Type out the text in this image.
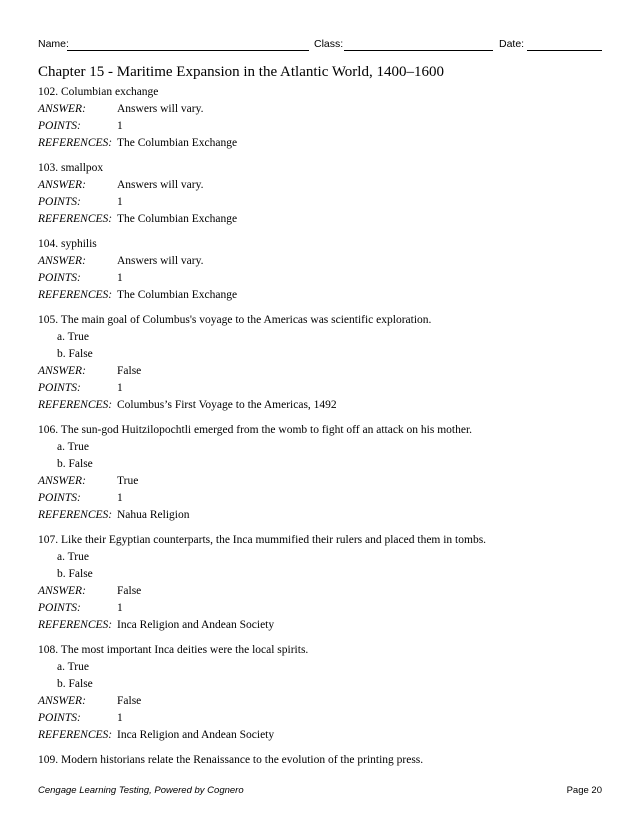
Name:	Class:	Date:
Chapter 15 - Maritime Expansion in the Atlantic World, 1400–1600
102. Columbian exchange
ANSWER:	Answers will vary.
POINTS:	1
REFERENCES: The Columbian Exchange
103. smallpox
ANSWER:	Answers will vary.
POINTS:	1
REFERENCES: The Columbian Exchange
104. syphilis
ANSWER:	Answers will vary.
POINTS:	1
REFERENCES: The Columbian Exchange
105. The main goal of Columbus's voyage to the Americas was scientific exploration.
a. True
b. False
ANSWER:	False
POINTS:	1
REFERENCES: Columbus’s First Voyage to the Americas, 1492
106. The sun-god Huitzilopochtli emerged from the womb to fight off an attack on his mother.
a. True
b. False
ANSWER:	True
POINTS:	1
REFERENCES: Nahua Religion
107. Like their Egyptian counterparts, the Inca mummified their rulers and placed them in tombs.
a. True
b. False
ANSWER:	False
POINTS:	1
REFERENCES: Inca Religion and Andean Society
108. The most important Inca deities were the local spirits.
a. True
b. False
ANSWER:	False
POINTS:	1
REFERENCES: Inca Religion and Andean Society
109. Modern historians relate the Renaissance to the evolution of the printing press.
Cengage Learning Testing, Powered by Cognero	Page 20
